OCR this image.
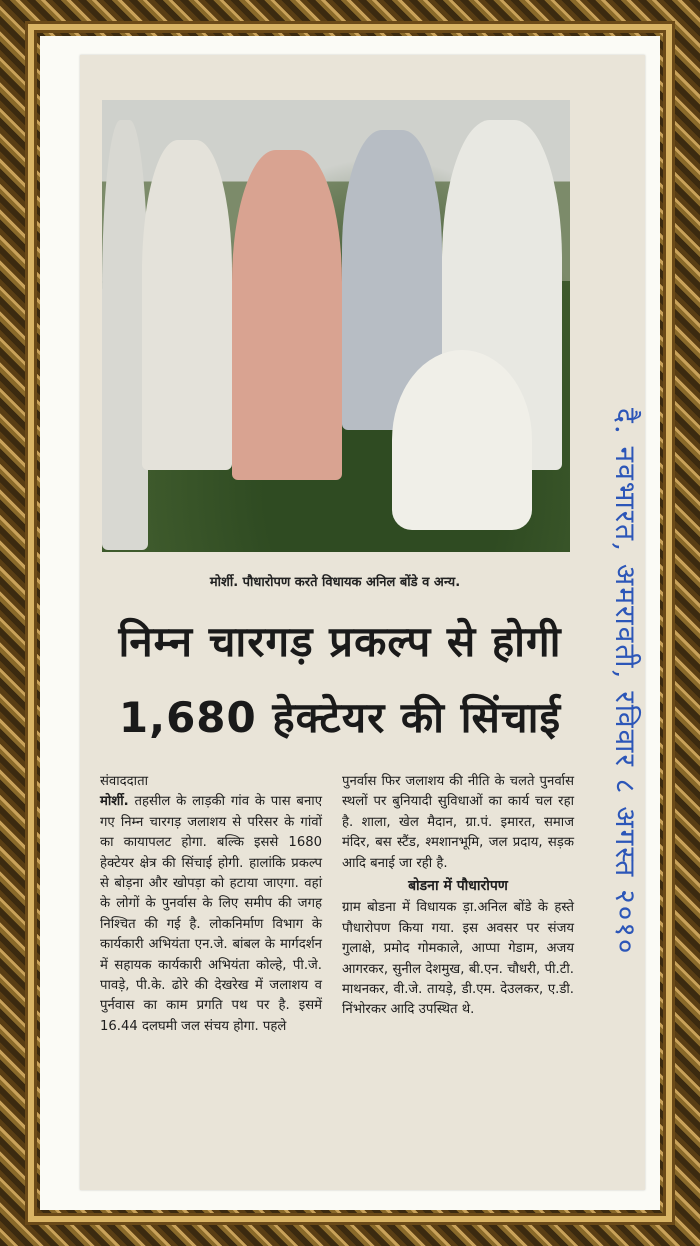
मोर्शी. पौधारोपण करते विधायक अनिल बोंडे व अन्य.
निम्न चारगड़ प्रकल्प से होगी
1,680 हेक्टेयर की सिंचाई
संवाददाता

मोर्शी. तहसील के लाड़की गांव के पास बनाए गए निम्न चारगड़ जलाशय से परिसर के गांवों का कायापलट होगा. बल्कि इससे 1680 हेक्टेयर क्षेत्र की सिंचाई होगी. हालांकि प्रकल्प से बोड़ना और खोपड़ा को हटाया जाएगा. वहां के लोगों के पुनर्वास के लिए समीप की जगह निश्चित की गई है. लोकनिर्माण विभाग के कार्यकारी अभियंता एन.जे. बांबल के मार्गदर्शन में सहायक कार्यकारी अभियंता कोल्हे, पी.जे. पावड़े, पी.के. ढोरे की देखरेख में जलाशय व पुर्नवास का काम प्रगति पथ पर है. इसमें 16.44 दलघमी जल संचय होगा. पहले

पुनर्वास फिर जलाशय की नीति के चलते पुनर्वास स्थलों पर बुनियादी सुविधाओं का कार्य चल रहा है. शाला, खेल मैदान, ग्रा.पं. इमारत, समाज मंदिर, बस स्टैंड, श्मशानभूमि, जल प्रदाय, सड़क आदि बनाई जा रही है.

बोडना में पौधारोपण

ग्राम बोडना में विधायक ड़ा.अनिल बोंडे के हस्ते पौधारोपण किया गया. इस अवसर पर संजय गुलाक्षे, प्रमोद गोमकाले, आप्पा गेडाम, अजय आगरकर, सुनील देशमुख, बी.एन. चौधरी, पी.टी. माथनकर, वी.जे. तायड़े, डी.एम. देउलकर, ए.डी. निंभोरकर आदि उपस्थित थे.

दै. नवभारत, अमरावती, रविवार ८ अगस्त २०१०
